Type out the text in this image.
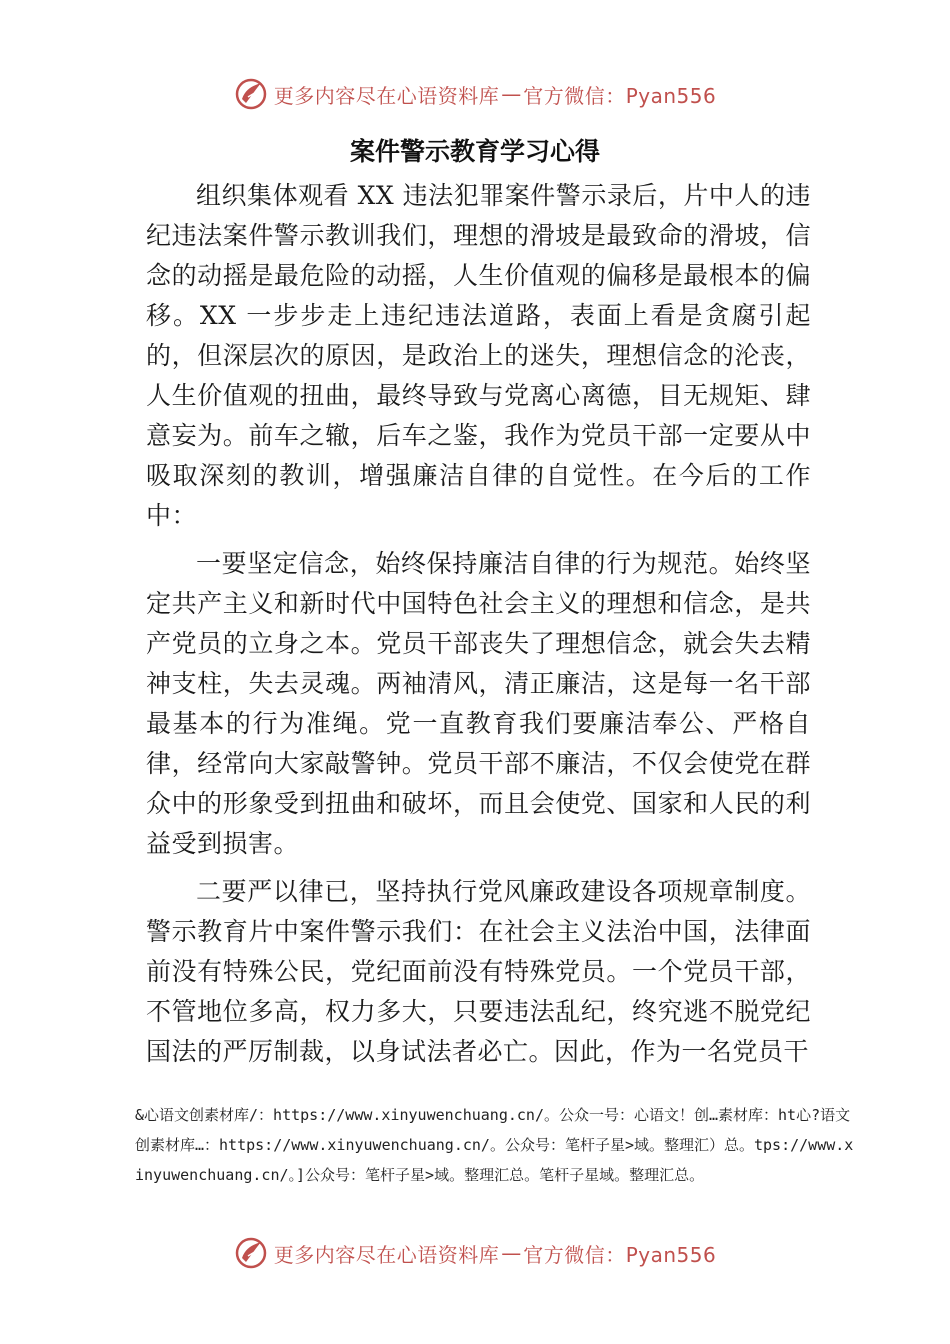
更多内容尽在心语资料库 — 官方微信：Pyan556
案件警示教育学习心得

组织集体观看 XX 违法犯罪案件警示录后，片中人的违纪违法案件警示教训我们，理想的滑坡是最致命的滑坡，信念的动摇是最危险的动摇，人生价值观的偏移是最根本的偏移。XX 一步步走上违纪违法道路，表面上看是贪腐引起的，但深层次的原因，是政治上的迷失，理想信念的沦丧，人生价值观的扭曲，最终导致与党离心离德，目无规矩、肆意妄为。前车之辙，后车之鉴，我作为党员干部一定要从中吸取深刻的教训，增强廉洁自律的自觉性。在今后的工作中：

一要坚定信念，始终保持廉洁自律的行为规范。始终坚定共产主义和新时代中国特色社会主义的理想和信念，是共产党员的立身之本。党员干部丧失了理想信念，就会失去精神支柱，失去灵魂。两袖清风，清正廉洁，这是每一名干部最基本的行为准绳。党一直教育我们要廉洁奉公、严格自律，经常向大家敲警钟。党员干部不廉洁，不仅会使党在群众中的形象受到扭曲和破坏，而且会使党、国家和人民的利益受到损害。

二要严以律已，坚持执行党风廉政建设各项规章制度。警示教育片中案件警示我们：在社会主义法治中国，法律面前没有特殊公民，党纪面前没有特殊党员。一个党员干部， 不管地位多高，权力多大，只要违法乱纪，终究逃不脱党纪国法的严厉制裁，以身试法者必亡。因此，作为一名党员干

&心语文创素材库/：https://www.xinyuwenchuang.cn/。公众一号：心语文！创…素材库：ht心?语文创素材库…：https://www.xinyuwenchuang.cn/。公众号：笔杆子星>域。整理汇）总。tps://www.xinyuwenchuang.cn/。]公众号：笔杆子星>域。整理汇总。笔杆子星域。整理汇总。
更多内容尽在心语资料库 — 官方微信：Pyan556
